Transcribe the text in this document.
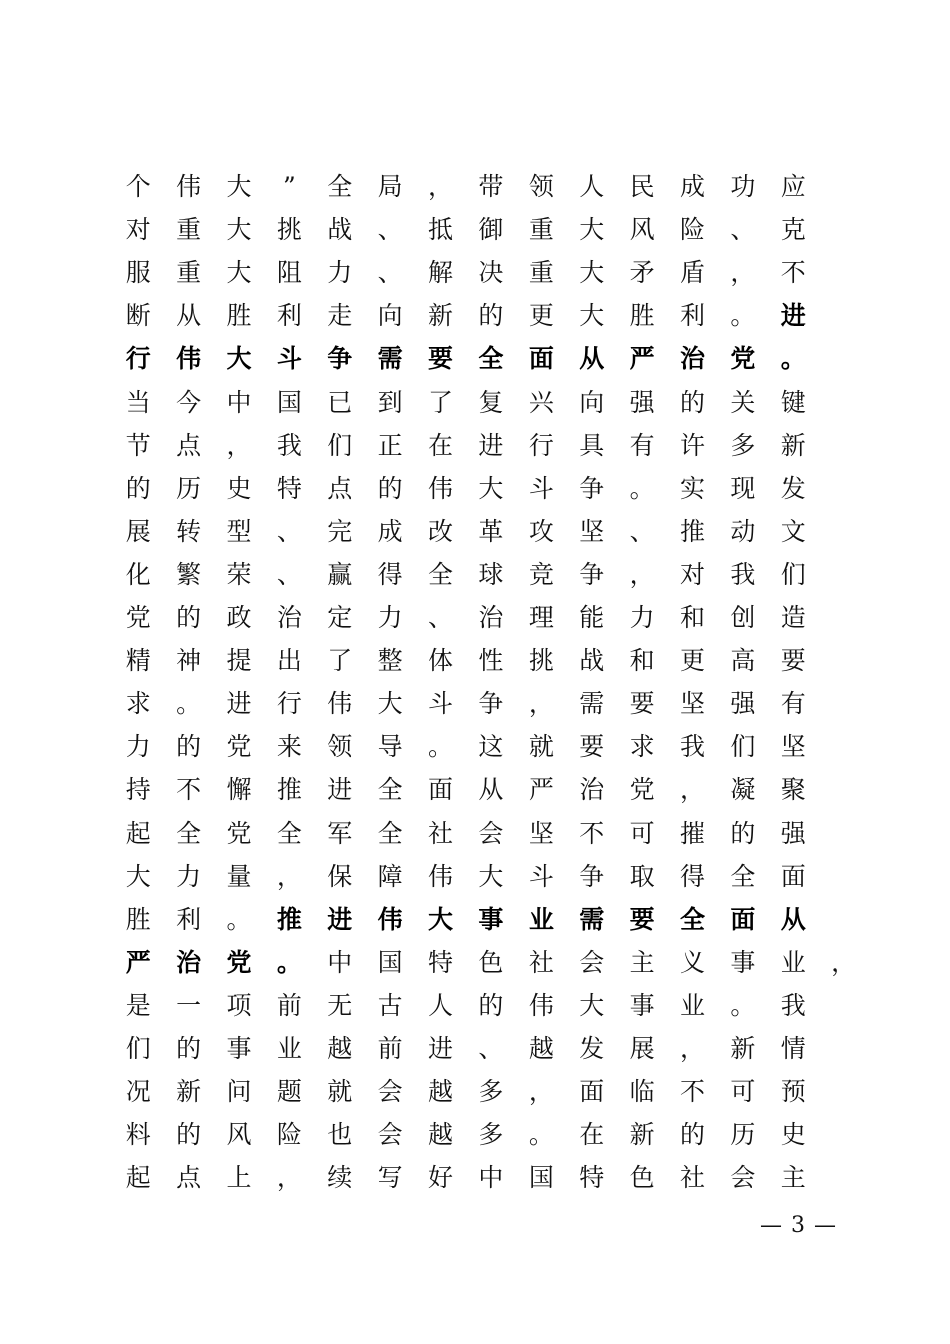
个	伟	大	”	全	局	，	带	领	人	民	成	功	应
对	重	大	挑	战	、	抵	御	重	大	风	险	、	克
服	重	大	阻	力	、	解	决	重	大	矛	盾	，	不
断	从	胜	利	走	向	新	的	更	大	胜	利	。	进
行	伟	大	斗	争	需	要	全	面	从	严	治	党	。
当	今	中	国	已	到	了	复	兴	向	强	的	关	键
节	点	，	我	们	正	在	进	行	具	有	许	多	新
的	历	史	特	点	的	伟	大	斗	争	。	实	现	发
展	转	型	、	完	成	改	革	攻	坚	、	推	动	文
化	繁	荣	、	赢	得	全	球	竞	争	，	对	我	们
党	的	政	治	定	力	、	治	理	能	力	和	创	造
精	神	提	出	了	整	体	性	挑	战	和	更	高	要
求	。	进	行	伟	大	斗	争	，	需	要	坚	强	有
力	的	党	来	领	导	。	这	就	要	求	我	们	坚
持	不	懈	推	进	全	面	从	严	治	党	，	凝	聚
起	全	党	全	军	全	社	会	坚	不	可	摧	的	强
大	力	量	，	保	障	伟	大	斗	争	取	得	全	面
胜	利	。	推	进	伟	大	事	业	需	要	全	面	从
严	治	党	。	中	国	特	色	社	会	主	义	事	业	，
是	一	项	前	无	古	人	的	伟	大	事	业	。	我
们	的	事	业	越	前	进	、	越	发	展	，	新	情
况	新	问	题	就	会	越	多	，	面	临	不	可	预
料	的	风	险	也	会	越	多	。	在	新	的	历	史
起	点	上	，	续	写	好	中	国	特	色	社	会	主
— 3 —
